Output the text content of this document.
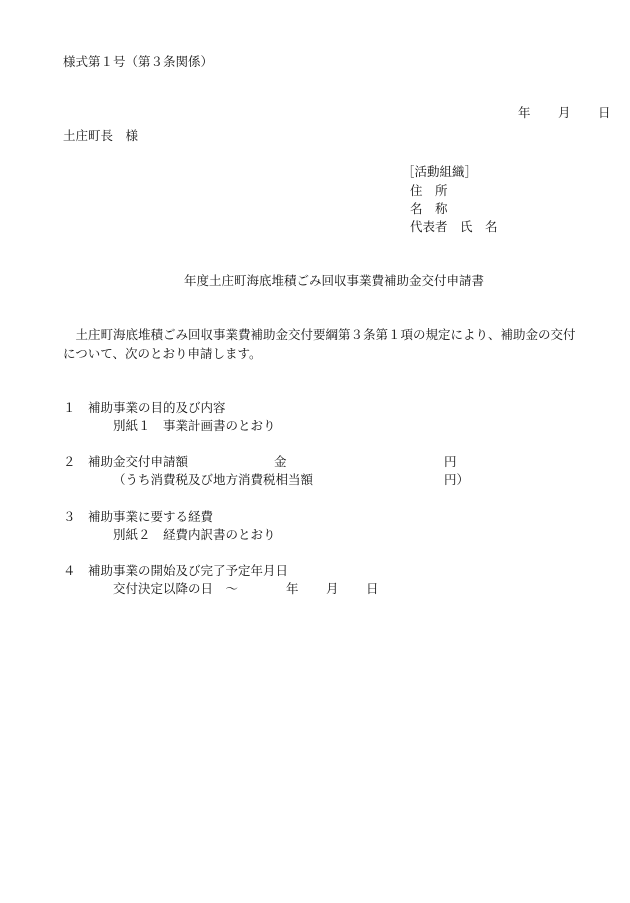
様式第１号（第３条関係）

年 月 日

土庄町長　様
［活動組織］
住　所
名　称
代表者　氏　名
年度土庄町海底堆積ごみ回収事業費補助金交付申請書
　土庄町海底堆積ごみ回収事業費補助金交付要綱第３条第１項の規定により、補助金の交付
について、次のとおり申請します。
１　補助事業の目的及び内容
別紙１　事業計画書のとおり
２　補助金交付申請額	金	円
（うち消費税及び地方消費税相当額	円）
３　補助事業に要する経費
別紙２　経費内訳書のとおり
４　補助事業の開始及び完了予定年月日
交付決定以降の日　～	年 月 日
